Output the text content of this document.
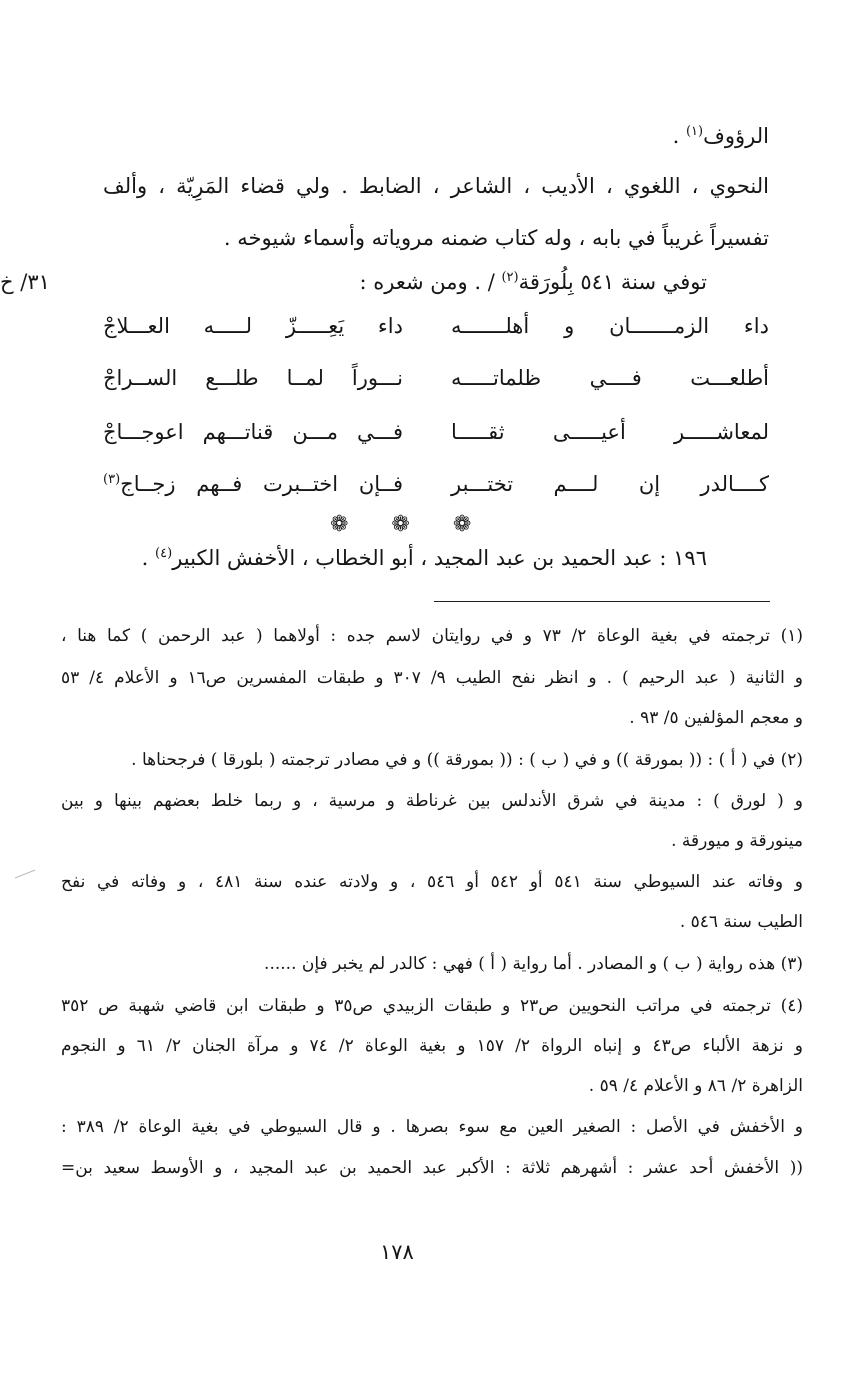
الرؤوف$^{(١)}$ .
النحوي ، اللغوي ، الأديب ، الشاعر ، الضابط . ولي قضاء المَرِيّة ، وألف
تفسيراً غريباً في بابه ، وله كتاب ضمنه مروياته وأسماء شيوخه .
توفي سنة ٥٤١ بِلُورَقة$^{(٢)}$ / . ومن شعره :
٣١/ خ
داء الزمـــــــان و أهلـــــــه
داء يَعِـــــزّ لـــــه العـــلاجْ
أطلعـــت فــــي ظلماتـــــه
نـــوراً لمــا طلـــع الســراجْ
لمعاشـــــر أعيـــــى ثقـــــا
فـــي مـــن قناتـــهم اعوجـــاجْ
كــــالدر إن لــــم تختـــبر
فــإن اختــبرت فــهم زجــاج$^{(٣)}$
❁ ❁ ❁
١٩٦ : عبد الحميد بن عبد المجيد ، أبو الخطاب ، الأخفش الكبير$^{(٤)}$ .
(١) ترجمته في بغية الوعاة ٢/ ٧٣ و في روايتان لاسم جده : أولاهما ( عبد الرحمن ) كما هنا ،
و الثانية ( عبد الرحيم ) . و انظر نفح الطيب ٩/ ٣٠٧ و طبقات المفسرين ص١٦ و الأعلام ٤/ ٥٣
و معجم المؤلفين ٥/ ٩٣ .
(٢) في ( أ ) : (( بمورقة )) و في ( ب ) : (( بمورقة )) و في مصادر ترجمته ( بلورقا ) فرجحناها .
و ( لورق ) : مدينة في شرق الأندلس بين غرناطة و مرسية ، و ربما خلط بعضهم بينها و بين
مينورقة و ميورقة .
و وفاته عند السيوطي سنة ٥٤١ أو ٥٤٢ أو ٥٤٦ ، و ولادته عنده سنة ٤٨١ ، و وفاته في نفح
الطيب سنة ٥٤٦ .
(٣) هذه رواية ( ب ) و المصادر . أما رواية ( أ ) فهي : كالدر لم يخبر فإن ......
(٤) ترجمته في مراتب النحويين ص٢٣ و طبقات الزبيدي ص٣٥ و طبقات ابن قاضي شهبة ص ٣٥٢
و نزهة الألباء ص٤٣ و إنباه الرواة ٢/ ١٥٧ و بغية الوعاة ٢/ ٧٤ و مرآة الجنان ٢/ ٦١ و النجوم
الزاهرة ٢/ ٨٦ و الأعلام ٤/ ٥٩ .
و الأخفش في الأصل : الصغير العين مع سوء بصرها . و قال السيوطي في بغية الوعاة ٢/ ٣٨٩ :
(( الأخفش أحد عشر : أشهرهم ثلاثة : الأكبر عبد الحميد بن عبد المجيد ، و الأوسط سعيد بن=
١٧٨
